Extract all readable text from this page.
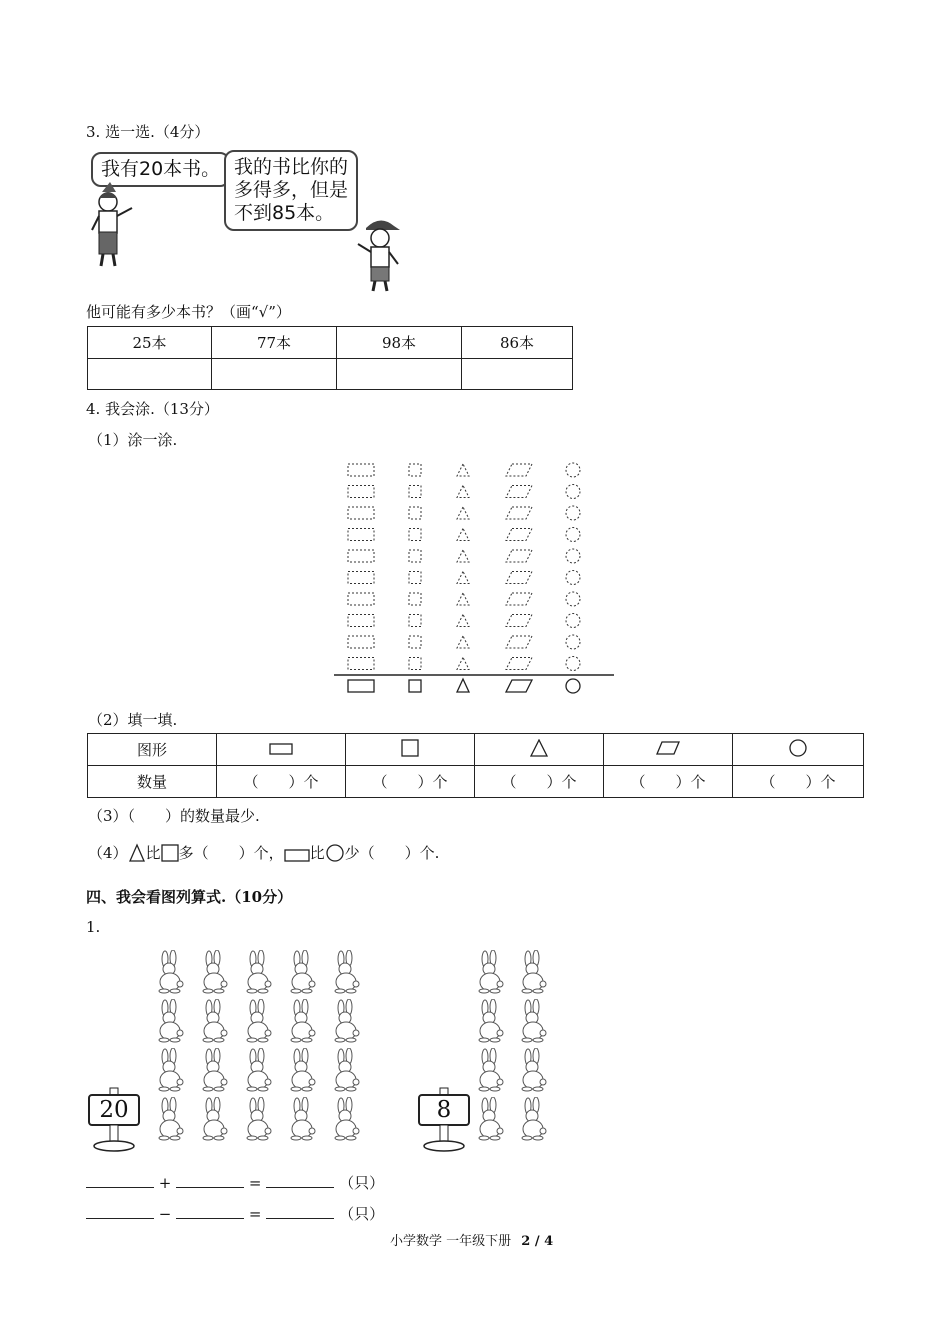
3. 选一选.（4分）
我有20本书。 我的书比你的
多得多，但是
不到85本。
他可能有多少本书？（画“√”）
25本	77本	98本	86本

4. 我会涂.（13分）
（1）涂一涂.
（2）填一填.
图形					
数量	（　　）个	（　　）个	（　　）个	（　　）个	（　　）个
（3）（　　）的数量最少.
（4） 比 多（　　）个， 比 少（　　）个.
四、我会看图列算式.（10分）
1.
20	8
+	=	（只）
−	=	（只）
小学数学 一年级下册 2 / 4
